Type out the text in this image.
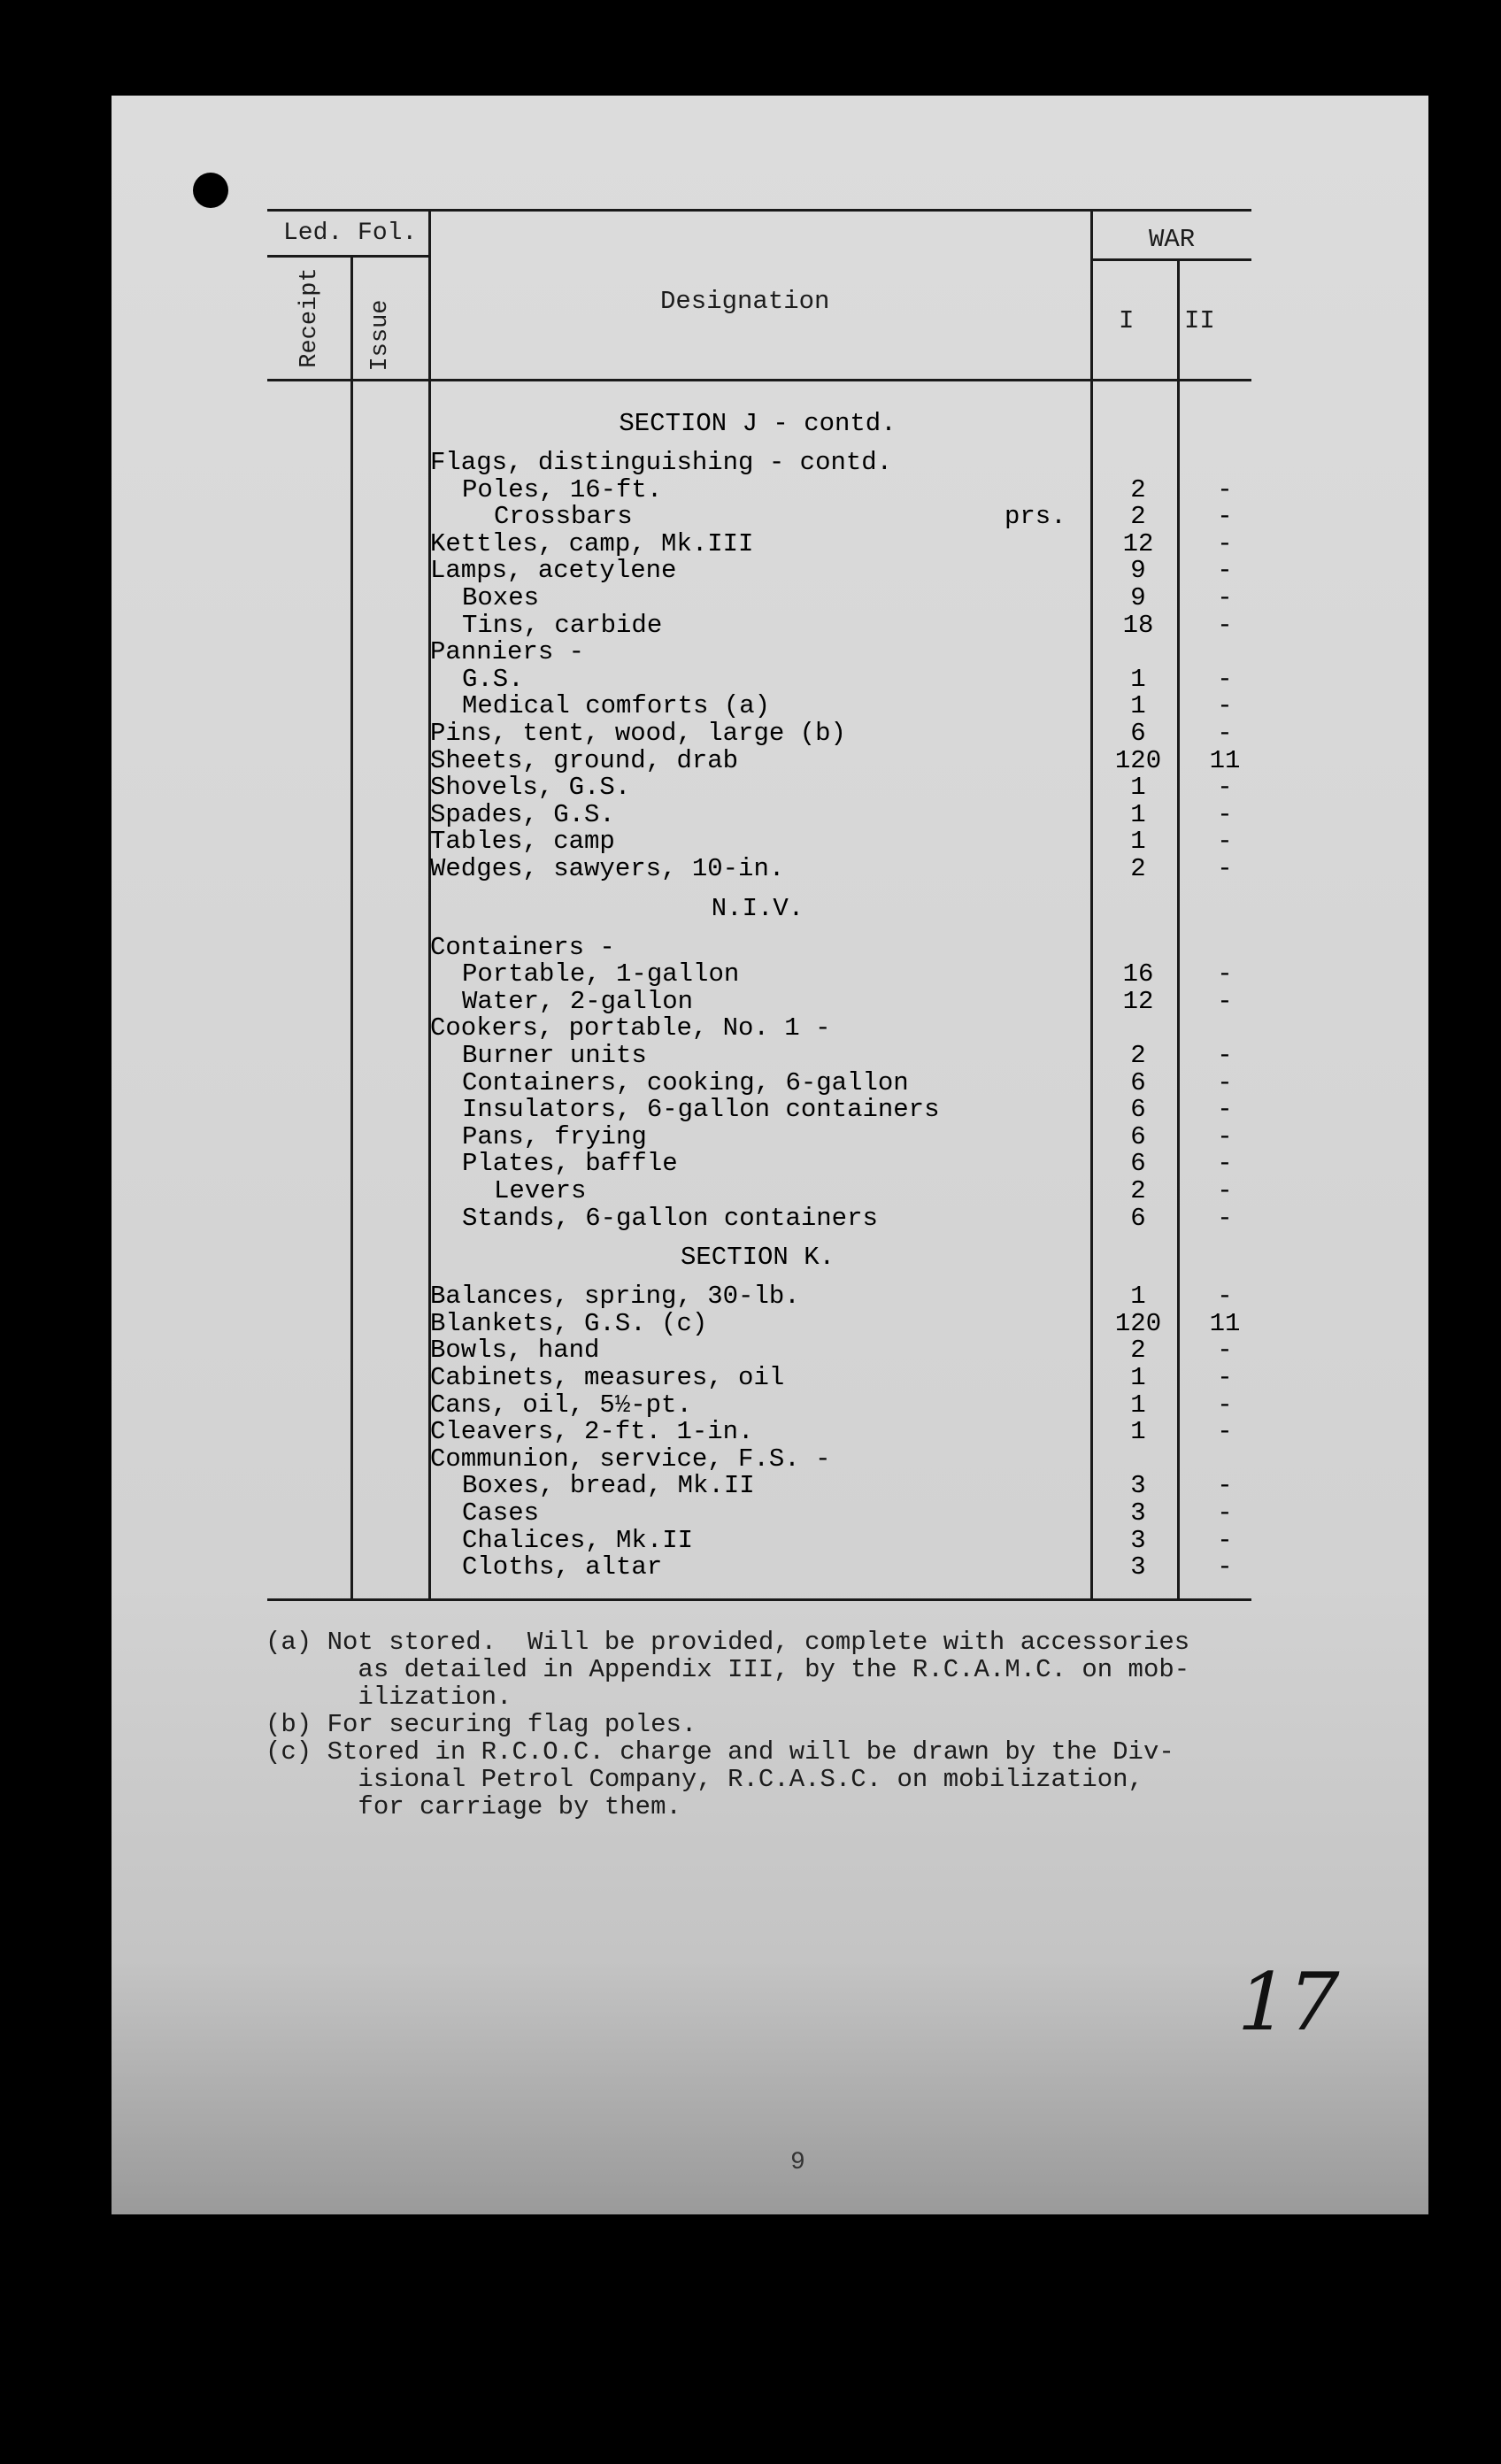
Led. Fol.
Receipt Issue	Designation
WAR
I II
SECTION J - contd.
Flags, distinguishing - contd.
Poles, 16-ft.	2	-
Crossbars	prs.	2	-
Kettles, camp, Mk.III	12	-
Lamps, acetylene	9	-
Boxes	9	-
Tins, carbide	18	-
Panniers -
G.S.	1	-
Medical comforts (a)	1	-
Pins, tent, wood, large (b)	6	-
Sheets, ground, drab	120	11
Shovels, G.S.	1	-
Spades, G.S.	1	-
Tables, camp	1	-
Wedges, sawyers, 10-in.	2	-
N.I.V.
Containers -
Portable, 1-gallon	16	-
Water, 2-gallon	12	-
Cookers, portable, No. 1 -
Burner units	2	-
Containers, cooking, 6-gallon	6	-
Insulators, 6-gallon containers	6	-
Pans, frying	6	-
Plates, baffle	6	-
Levers	2	-
Stands, 6-gallon containers	6	-
SECTION K.
Balances, spring, 30-lb.	1	-
Blankets, G.S. (c)	120	11
Bowls, hand	2	-
Cabinets, measures, oil	1	-
Cans, oil, 5½-pt.	1	-
Cleavers, 2-ft. 1-in.	1	-
Communion, service, F.S. -
Boxes, bread, Mk.II	3	-
Cases	3	-
Chalices, Mk.II	3	-
Cloths, altar	3	-
(a) Not stored.  Will be provided, complete with accessories
as detailed in Appendix III, by the R.C.A.M.C. on mob-
ilization.
(b) For securing flag poles.
(c) Stored in R.C.O.C. charge and will be drawn by the Div-
isional Petrol Company, R.C.A.S.C. on mobilization,
for carriage by them.
9
17
